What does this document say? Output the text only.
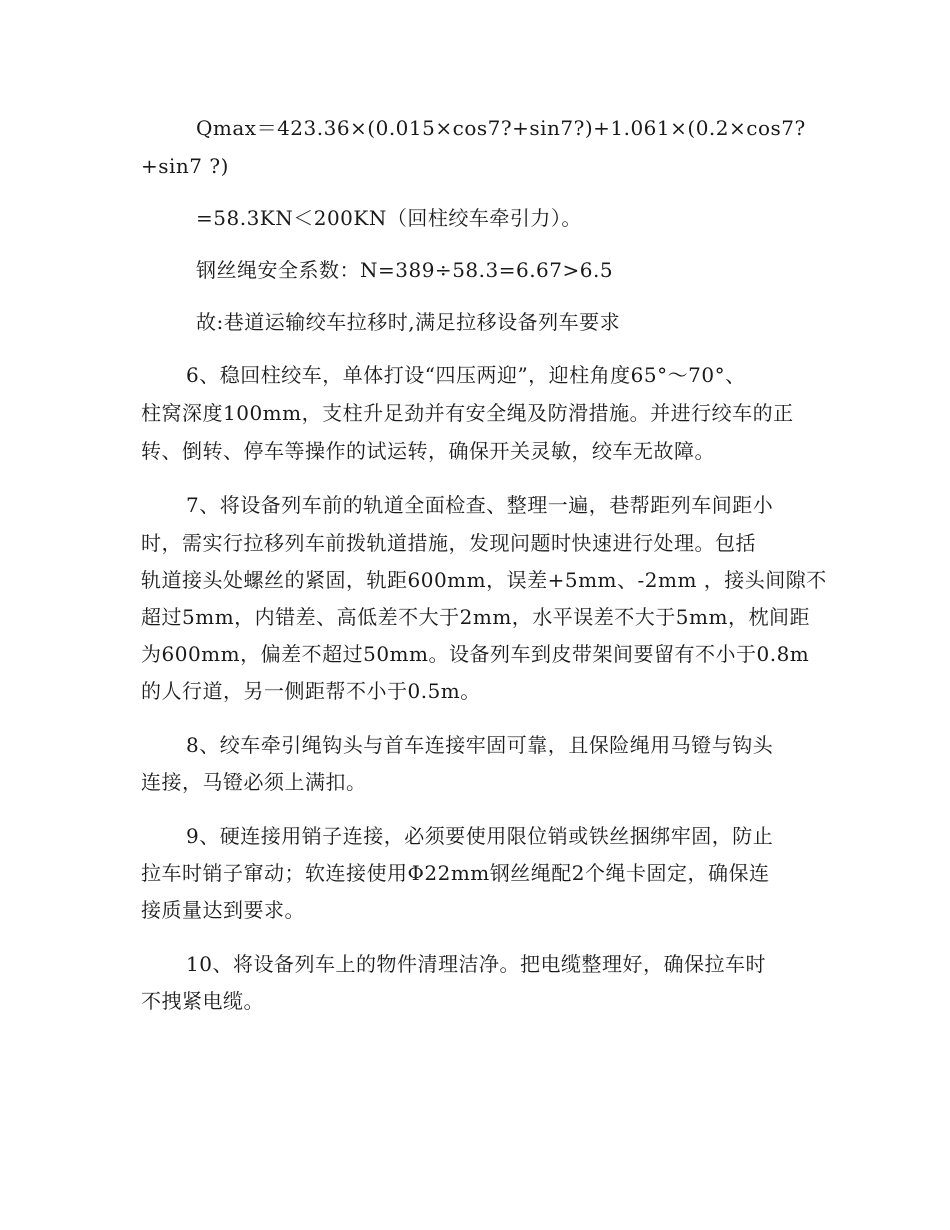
Qmax＝423.36×(0.015×cos7?+sin7?)+1.061×(0.2×cos7?
+sin7 ?)
=58.3KN＜200KN（回柱绞车牵引力）。
钢丝绳安全系数：N=389÷58.3=6.67>6.5
故:巷道运输绞车拉移时,满足拉移设备列车要求
6、稳回柱绞车，单体打设“四压两迎”，迎柱角度65°～70°、
柱窝深度100mm，支柱升足劲并有安全绳及防滑措施。并进行绞车的正
转、倒转、停车等操作的试运转，确保开关灵敏，绞车无故障。
7、将设备列车前的轨道全面检查、整理一遍，巷帮距列车间距小
时，需实行拉移列车前拨轨道措施，发现问题时快速进行处理。包括
轨道接头处螺丝的紧固，轨距600mm，误差+5mm、-2mm ，接头间隙不
超过5mm，内错差、高低差不大于2mm，水平误差不大于5mm，枕间距
为600mm，偏差不超过50mm。设备列车到皮带架间要留有不小于0.8m
的人行道，另一侧距帮不小于0.5m。
8、绞车牵引绳钩头与首车连接牢固可靠，且保险绳用马镫与钩头
连接，马镫必须上满扣。
9、硬连接用销子连接，必须要使用限位销或铁丝捆绑牢固，防止
拉车时销子窜动；软连接使用Φ22mm钢丝绳配2个绳卡固定，确保连
接质量达到要求。
10、将设备列车上的物件清理洁净。把电缆整理好，确保拉车时
不拽紧电缆。
